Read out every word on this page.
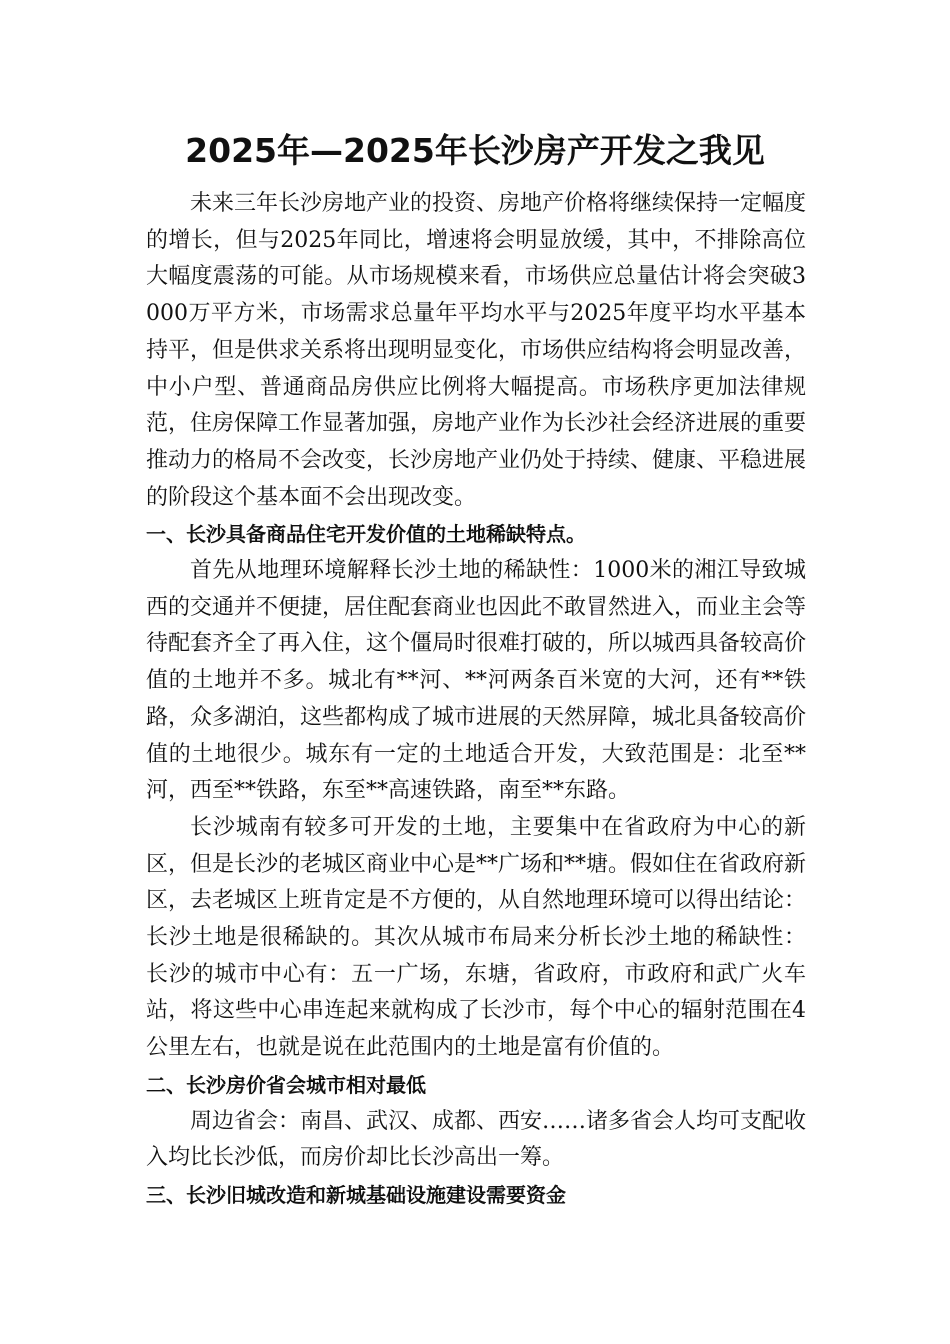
2025年—2025年长沙房产开发之我见

未来三年长沙房地产业的投资、房地产价格将继续保持一定幅度的增长，但与2025年同比，增速将会明显放缓，其中，不排除高位大幅度震荡的可能。从市场规模来看，市场供应总量估计将会突破3000万平方米，市场需求总量年平均水平与2025年度平均水平基本持平，但是供求关系将出现明显变化，市场供应结构将会明显改善，中小户型、普通商品房供应比例将大幅提高。市场秩序更加法律规范，住房保障工作显著加强，房地产业作为长沙社会经济进展的重要推动力的格局不会改变，长沙房地产业仍处于持续、健康、平稳进展的阶段这个基本面不会出现改变。

一、长沙具备商品住宅开发价值的土地稀缺特点。

首先从地理环境解释长沙土地的稀缺性：1000米的湘江导致城西的交通并不便捷，居住配套商业也因此不敢冒然进入，而业主会等待配套齐全了再入住，这个僵局时很难打破的，所以城西具备较高价值的土地并不多。城北有**河、**河两条百米宽的大河，还有**铁路，众多湖泊，这些都构成了城市进展的天然屏障，城北具备较高价值的土地很少。城东有一定的土地适合开发，大致范围是：北至**河，西至**铁路，东至**高速铁路，南至**东路。

长沙城南有较多可开发的土地，主要集中在省政府为中心的新区，但是长沙的老城区商业中心是**广场和**塘。假如住在省政府新区，去老城区上班肯定是不方便的，从自然地理环境可以得出结论：长沙土地是很稀缺的。其次从城市布局来分析长沙土地的稀缺性： 长沙的城市中心有：五一广场，东塘，省政府，市政府和武广火车站，将这些中心串连起来就构成了长沙市，每个中心的辐射范围在4公里左右，也就是说在此范围内的土地是富有价值的。

二、长沙房价省会城市相对最低

周边省会：南昌、武汉、成都、西安……诸多省会人均可支配收入均比长沙低，而房价却比长沙高出一筹。

三、长沙旧城改造和新城基础设施建设需要资金
